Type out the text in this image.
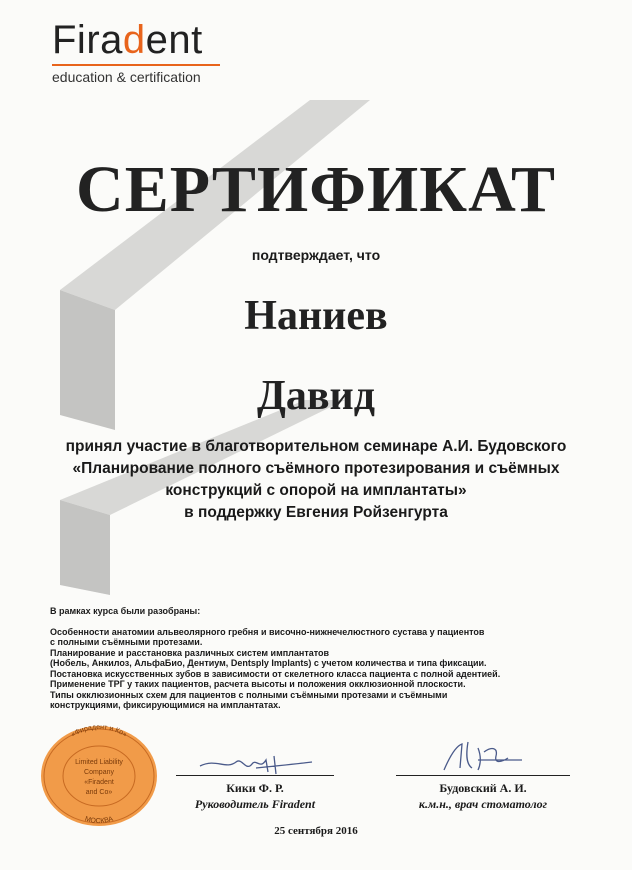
Firadent
education & certification
СЕРТИФИКАТ
подтверждает, что
Наниев
Давид
принял участие в благотворительном семинаре А.И. Будовского
«Планирование полного съёмного протезирования и съёмных
конструкций с опорой на имплантаты»
в поддержку Евгения Ройзенгурта
В рамках курса были разобраны:
Особенности анатомии альвеолярного гребня и височно-нижнечелюстного сустава у пациентов
с полными съёмными протезами.
Планирование и расстановка различных систем имплантатов
(Нобель, Анкилоз, АльфаБио, Дентиум, Dentsply Implants) с учетом количества и типа фиксации.
Постановка искусственных зубов в зависимости от скелетного класса пациента с полной адентией.
Применение ТРГ у таких пациентов, расчета высоты и положения окклюзионной плоскости.
Типы окклюзионных схем для пациентов с полными съёмными протезами и съёмными
конструкциями, фиксирующимися на имплантатах.
«Фирадент и Ко»
МОСКВА
Limited Liability
Company
«Firadent
and Co»	Кики Ф. Р.
Руководитель Firadent
Будовский А. И.
к.м.н., врач стоматолог
25 сентября 2016
